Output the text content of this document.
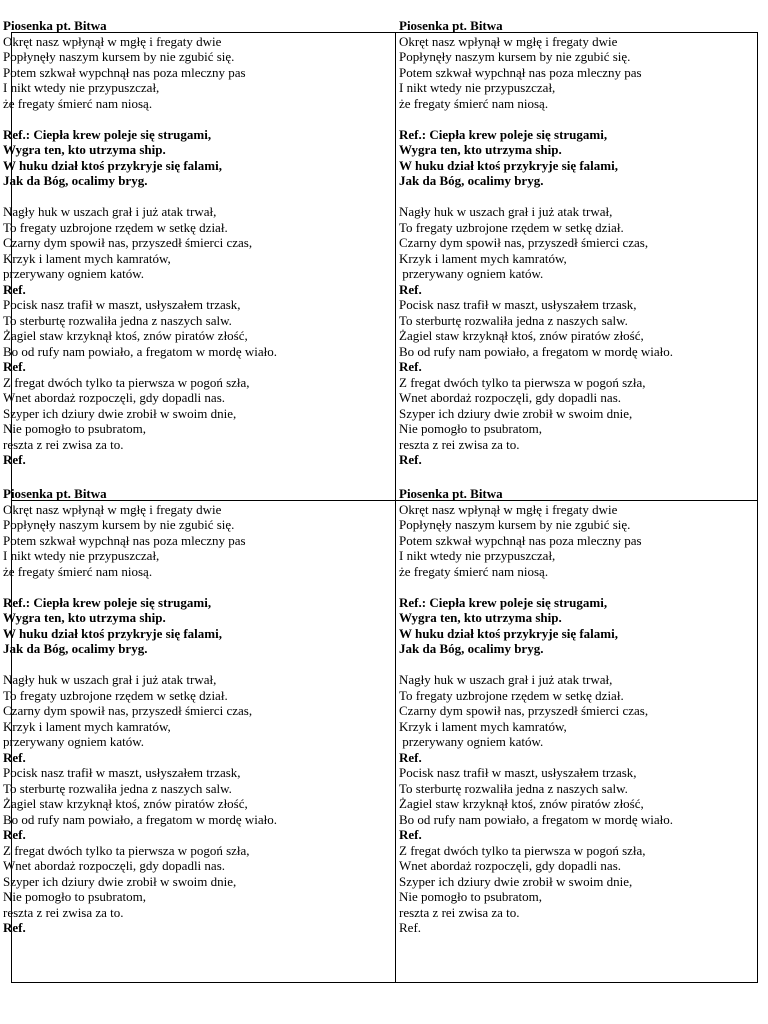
Piosenka pt. Bitwa
Okręt nasz wpłynął w mgłę i fregaty dwie
Popłynęły naszym kursem by nie zgubić się.
Potem szkwał wypchnął nas poza mleczny pas
I nikt wtedy nie przypuszczał,
że fregaty śmierć nam niosą.
Ref.: Ciepła krew poleje się strugami,
Wygra ten, kto utrzyma ship.
W huku dział ktoś przykryje się falami,
Jak da Bóg, ocalimy bryg.
Nagły huk w uszach grał i już atak trwał,
To fregaty uzbrojone rzędem w setkę dział.
Czarny dym spowił nas, przyszedł śmierci czas,
Krzyk i lament mych kamratów,
przerywany ogniem katów.
Ref.
Pocisk nasz trafił w maszt, usłyszałem trzask,
To sterburtę rozwaliła jedna z naszych salw.
Żagiel staw krzyknął ktoś, znów piratów złość,
Bo od rufy nam powiało, a fregatom w mordę wiało.
Ref.
Z fregat dwóch tylko ta pierwsza w pogoń szła,
Wnet abordaż rozpoczęli, gdy dopadli nas.
Szyper ich dziury dwie zrobił w swoim dnie,
Nie pomogło to psubratom,
reszta z rei zwisa za to.
Ref.
Piosenka pt. Bitwa
Okręt nasz wpłynął w mgłę i fregaty dwie
Popłynęły naszym kursem by nie zgubić się.
Potem szkwał wypchnął nas poza mleczny pas
I nikt wtedy nie przypuszczał,
że fregaty śmierć nam niosą.
Ref.: Ciepła krew poleje się strugami,
Wygra ten, kto utrzyma ship.
W huku dział ktoś przykryje się falami,
Jak da Bóg, ocalimy bryg.
Nagły huk w uszach grał i już atak trwał,
To fregaty uzbrojone rzędem w setkę dział.
Czarny dym spowił nas, przyszedł śmierci czas,
Krzyk i lament mych kamratów,
przerywany ogniem katów.
Ref.
Pocisk nasz trafił w maszt, usłyszałem trzask,
To sterburtę rozwaliła jedna z naszych salw.
Żagiel staw krzyknął ktoś, znów piratów złość,
Bo od rufy nam powiało, a fregatom w mordę wiało.
Ref.
Z fregat dwóch tylko ta pierwsza w pogoń szła,
Wnet abordaż rozpoczęli, gdy dopadli nas.
Szyper ich dziury dwie zrobił w swoim dnie,
Nie pomogło to psubratom,
reszta z rei zwisa za to.
Ref.
Piosenka pt. Bitwa
Okręt nasz wpłynął w mgłę i fregaty dwie
Popłynęły naszym kursem by nie zgubić się.
Potem szkwał wypchnął nas poza mleczny pas
I nikt wtedy nie przypuszczał,
że fregaty śmierć nam niosą.
Ref.: Ciepła krew poleje się strugami,
Wygra ten, kto utrzyma ship.
W huku dział ktoś przykryje się falami,
Jak da Bóg, ocalimy bryg.
Nagły huk w uszach grał i już atak trwał,
To fregaty uzbrojone rzędem w setkę dział.
Czarny dym spowił nas, przyszedł śmierci czas,
Krzyk i lament mych kamratów,
przerywany ogniem katów.
Ref.
Pocisk nasz trafił w maszt, usłyszałem trzask,
To sterburtę rozwaliła jedna z naszych salw.
Żagiel staw krzyknął ktoś, znów piratów złość,
Bo od rufy nam powiało, a fregatom w mordę wiało.
Ref.
Z fregat dwóch tylko ta pierwsza w pogoń szła,
Wnet abordaż rozpoczęli, gdy dopadli nas.
Szyper ich dziury dwie zrobił w swoim dnie,
Nie pomogło to psubratom,
reszta z rei zwisa za to.
Ref.
Piosenka pt. Bitwa
Okręt nasz wpłynął w mgłę i fregaty dwie
Popłynęły naszym kursem by nie zgubić się.
Potem szkwał wypchnął nas poza mleczny pas
I nikt wtedy nie przypuszczał,
że fregaty śmierć nam niosą.
Ref.: Ciepła krew poleje się strugami,
Wygra ten, kto utrzyma ship.
W huku dział ktoś przykryje się falami,
Jak da Bóg, ocalimy bryg.
Nagły huk w uszach grał i już atak trwał,
To fregaty uzbrojone rzędem w setkę dział.
Czarny dym spowił nas, przyszedł śmierci czas,
Krzyk i lament mych kamratów,
przerywany ogniem katów.
Ref.
Pocisk nasz trafił w maszt, usłyszałem trzask,
To sterburtę rozwaliła jedna z naszych salw.
Żagiel staw krzyknął ktoś, znów piratów złość,
Bo od rufy nam powiało, a fregatom w mordę wiało.
Ref.
Z fregat dwóch tylko ta pierwsza w pogoń szła,
Wnet abordaż rozpoczęli, gdy dopadli nas.
Szyper ich dziury dwie zrobił w swoim dnie,
Nie pomogło to psubratom,
reszta z rei zwisa za to.
Ref.
